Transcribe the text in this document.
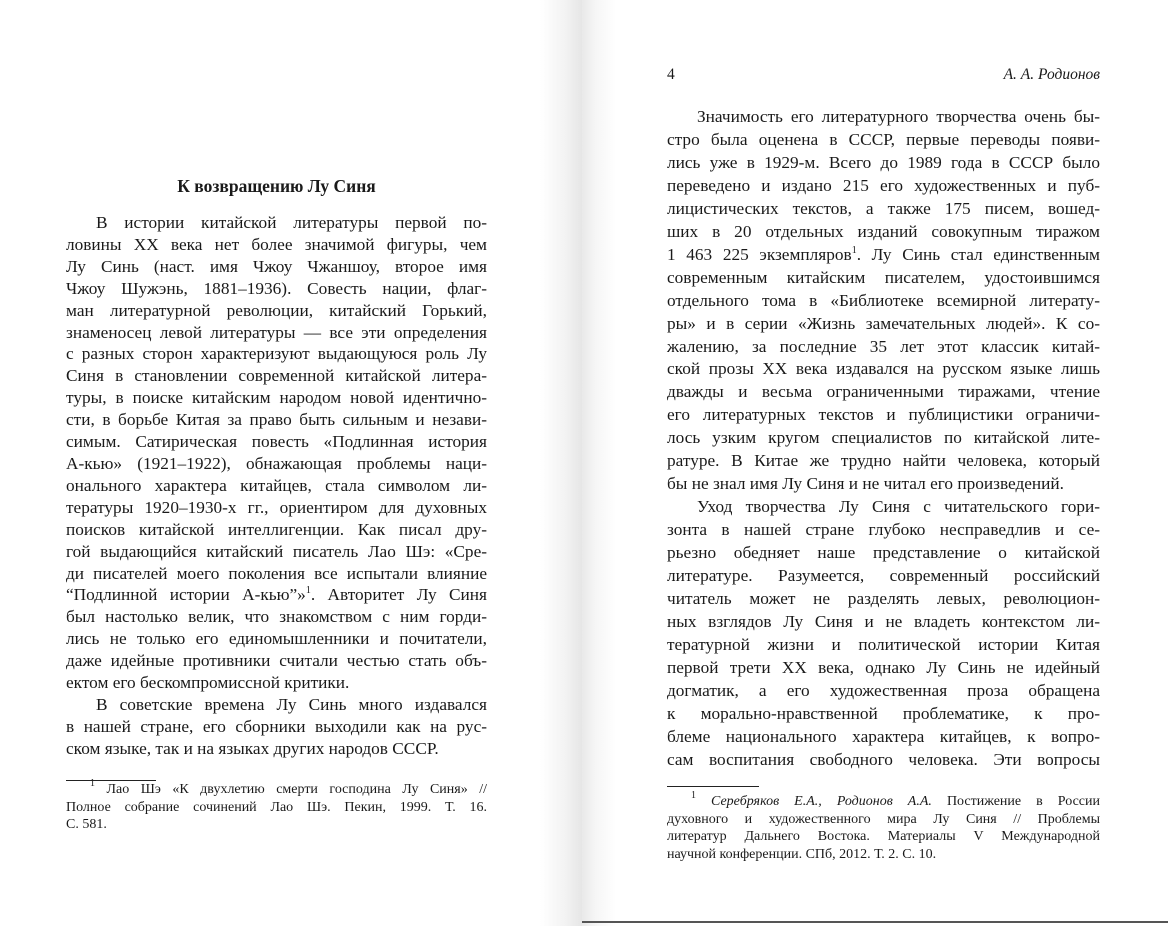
К возвращению Лу Синя
В истории китайской литературы первой по-
ловины XX века нет более значимой фигуры, чем
Лу Синь (наст. имя Чжоу Чжаншоу, второе имя
Чжоу Шужэнь, 1881–1936). Совесть нации, флаг-
ман литературной революции, китайский Горький,
знаменосец левой литературы — все эти определения
с разных сторон характеризуют выдающуюся роль Лу
Синя в становлении современной китайской литера-
туры, в поиске китайским народом новой идентично-
сти, в борьбе Китая за право быть сильным и незави-
симым. Сатирическая повесть «Подлинная история
А-кью» (1921–1922), обнажающая проблемы наци-
онального характера китайцев, стала символом ли-
тературы 1920–1930-х гг., ориентиром для духовных
поисков китайской интеллигенции. Как писал дру-
гой выдающийся китайский писатель Лао Шэ: «Сре-
ди писателей моего поколения все испытали влияние
“Подлинной истории А-кью”»$^1$. Авторитет Лу Синя
был настолько велик, что знакомством с ним горди-
лись не только его единомышленники и почитатели,
даже идейные противники считали честью стать объ-
ектом его бескомпромиссной критики.
В советские времена Лу Синь много издавался
в нашей стране, его сборники выходили как на рус-
ском языке, так и на языках других народов СССР.
$^1$ Лао Шэ «К двухлетию смерти господина Лу Синя» //
Полное собрание сочинений Лао Шэ. Пекин, 1999. Т. 16.
С. 581.
4	А. А. Родионов
Значимость его литературного творчества очень бы-
стро была оценена в СССР, первые переводы появи-
лись уже в 1929-м. Всего до 1989 года в СССР было
переведено и издано 215 его художественных и пуб-
лицистических текстов, а также 175 писем, вошед-
ших в 20 отдельных изданий совокупным тиражом
1 463 225 экземпляров$^1$. Лу Синь стал единственным
современным китайским писателем, удостоившимся
отдельного тома в «Библиотеке всемирной литерату-
ры» и в серии «Жизнь замечательных людей». К со-
жалению, за последние 35 лет этот классик китай-
ской прозы XX века издавался на русском языке лишь
дважды и весьма ограниченными тиражами, чтение
его литературных текстов и публицистики ограничи-
лось узким кругом специалистов по китайской лите-
ратуре. В Китае же трудно найти человека, который
бы не знал имя Лу Синя и не читал его произведений.
Уход творчества Лу Синя с читательского гори-
зонта в нашей стране глубоко несправедлив и се-
рьезно обедняет наше представление о китайской
литературе. Разумеется, современный российский
читатель может не разделять левых, революцион-
ных взглядов Лу Синя и не владеть контекстом ли-
тературной жизни и политической истории Китая
первой трети XX века, однако Лу Синь не идейный
догматик, а его художественная проза обращена
к морально-нравственной проблематике, к про-
блеме национального характера китайцев, к вопро-
сам воспитания свободного человека. Эти вопросы
$^1$ Серебряков Е.А., Родионов А.А. Постижение в России
духовного и художественного мира Лу Синя // Проблемы
литератур Дальнего Востока. Материалы V Международной
научной конференции. СПб, 2012. Т. 2. С. 10.
